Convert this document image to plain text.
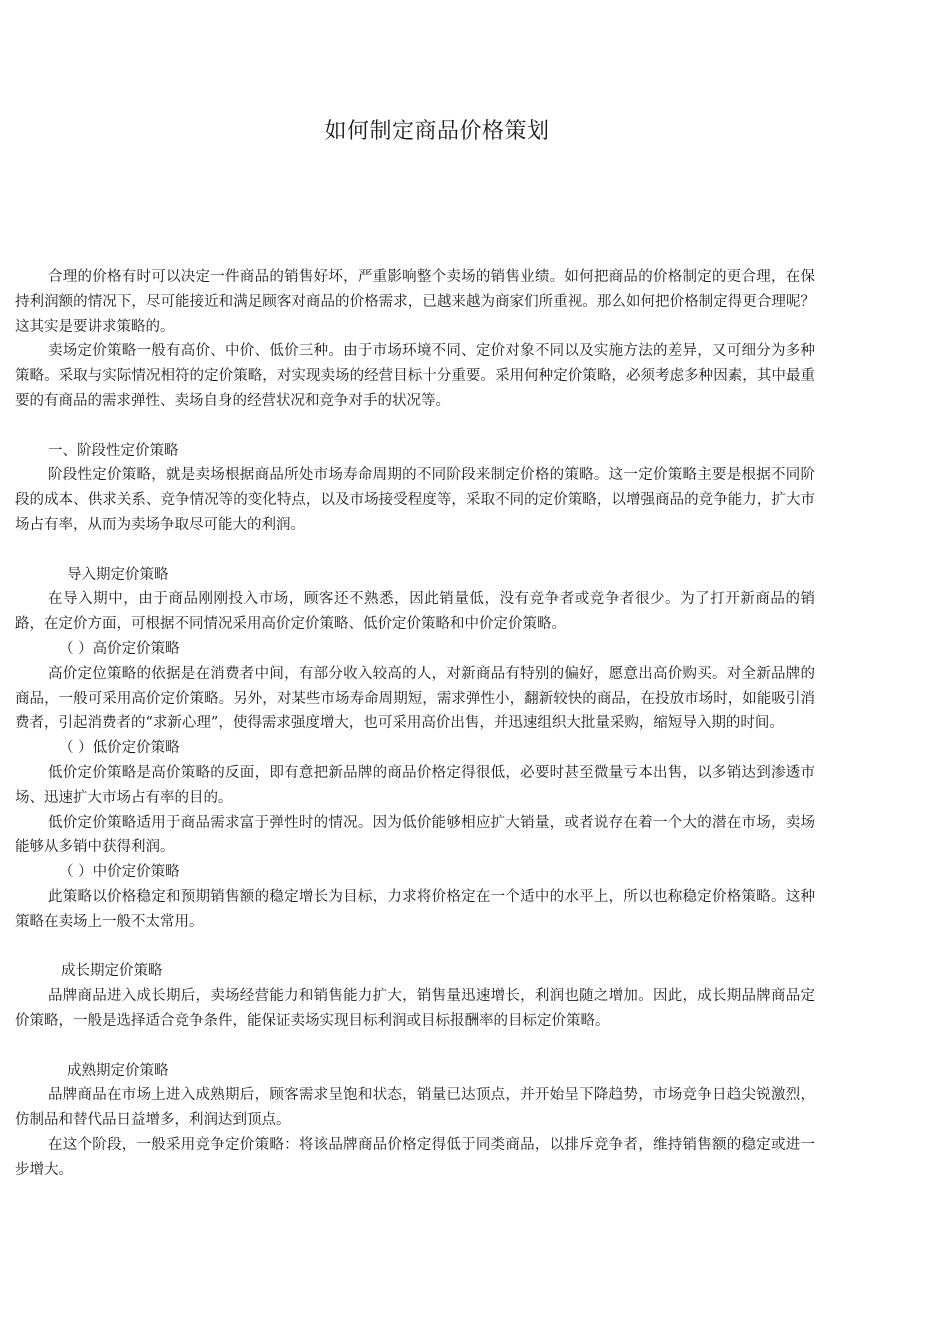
如何制定商品价格策划

合理的价格有时可以决定一件商品的销售好坏，严重影响整个卖场的销售业绩。如何把商品的价格制定的更合理，在保持利润额的情况下，尽可能接近和满足顾客对商品的价格需求，已越来越为商家们所重视。那么如何把价格制定得更合理呢？这其实是要讲求策略的。

卖场定价策略一般有高价、中价、低价三种。由于市场环境不同、定价对象不同以及实施方法的差异，又可细分为多种策略。采取与实际情况相符的定价策略，对实现卖场的经营目标十分重要。采用何种定价策略，必须考虑多种因素，其中最重要的有商品的需求弹性、卖场自身的经营状况和竞争对手的状况等。

一、阶段性定价策略

阶段性定价策略，就是卖场根据商品所处市场寿命周期的不同阶段来制定价格的策略。这一定价策略主要是根据不同阶段的成本、供求关系、竞争情况等的变化特点，以及市场接受程度等，采取不同的定价策略，以增强商品的竞争能力，扩大市场占有率，从而为卖场争取尽可能大的利润。

导入期定价策略

在导入期中，由于商品刚刚投入市场，顾客还不熟悉，因此销量低，没有竞争者或竞争者很少。为了打开新商品的销路，在定价方面，可根据不同情况采用高价定价策略、低价定价策略和中价定价策略。

（ ）高价定价策略

高价定位策略的依据是在消费者中间，有部分收入较高的人，对新商品有特别的偏好，愿意出高价购买。对全新品牌的商品，一般可采用高价定价策略。另外，对某些市场寿命周期短，需求弹性小，翻新较快的商品，在投放市场时，如能吸引消费者，引起消费者的“求新心理”，使得需求强度增大，也可采用高价出售，并迅速组织大批量采购，缩短导入期的时间。

（ ）低价定价策略

低价定价策略是高价策略的反面，即有意把新品牌的商品价格定得很低，必要时甚至微量亏本出售，以多销达到渗透市场、迅速扩大市场占有率的目的。

低价定价策略适用于商品需求富于弹性时的情况。因为低价能够相应扩大销量，或者说存在着一个大的潜在市场，卖场能够从多销中获得利润。

（ ）中价定价策略

此策略以价格稳定和预期销售额的稳定增长为目标，力求将价格定在一个适中的水平上，所以也称稳定价格策略。这种策略在卖场上一般不太常用。

成长期定价策略

品牌商品进入成长期后，卖场经营能力和销售能力扩大，销售量迅速增长，利润也随之增加。因此，成长期品牌商品定价策略，一般是选择适合竞争条件，能保证卖场实现目标利润或目标报酬率的目标定价策略。

成熟期定价策略

品牌商品在市场上进入成熟期后，顾客需求呈饱和状态，销量已达顶点，并开始呈下降趋势，市场竞争日趋尖锐激烈，仿制品和替代品日益增多，利润达到顶点。

在这个阶段，一般采用竞争定价策略：将该品牌商品价格定得低于同类商品，以排斥竞争者，维持销售额的稳定或进一步增大。
